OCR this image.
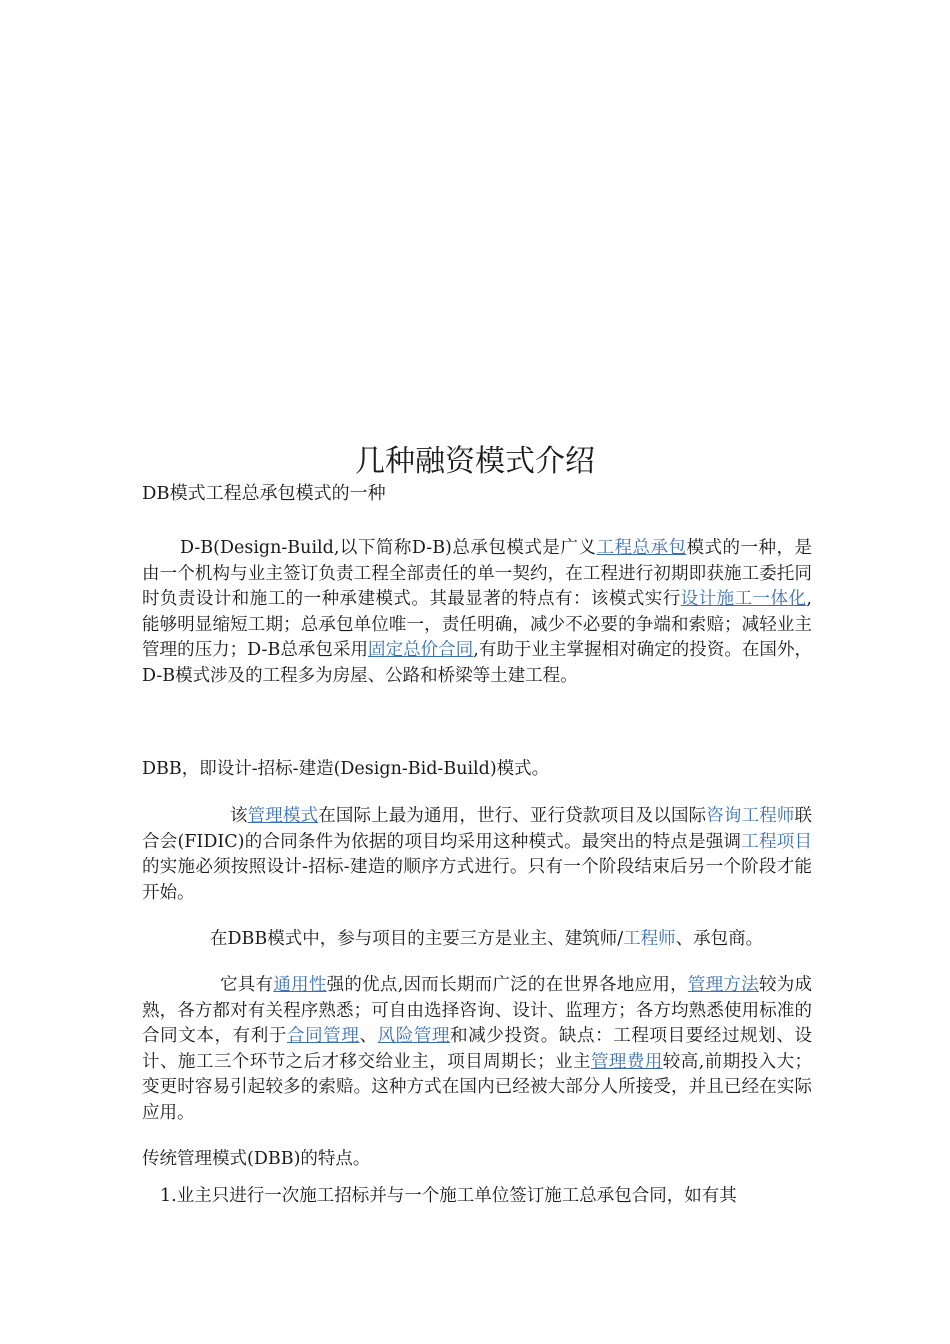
几种融资模式介绍
DB模式工程总承包模式的一种
D-B(Design-Build,以下简称D-B)总承包模式是广义工程总承包模式的一种，是由一个机构与业主签订负责工程全部责任的单一契约，在工程进行初期即获施工委托同时负责设计和施工的一种承建模式。其最显著的特点有：该模式实行设计施工一体化,能够明显缩短工期；总承包单位唯一，责任明确，减少不必要的争端和索赔；减轻业主管理的压力；D-B总承包采用固定总价合同,有助于业主掌握相对确定的投资。在国外，D-B模式涉及的工程多为房屋、公路和桥梁等土建工程。
DBB，即设计-招标-建造(Design-Bid-Build)模式。
该管理模式在国际上最为通用，世行、亚行贷款项目及以国际咨询工程师联合会(FIDIC)的合同条件为依据的项目均采用这种模式。最突出的特点是强调工程项目的实施必须按照设计-招标-建造的顺序方式进行。只有一个阶段结束后另一个阶段才能开始。
在DBB模式中，参与项目的主要三方是业主、建筑师/工程师、承包商。
它具有通用性强的优点,因而长期而广泛的在世界各地应用，管理方法较为成熟，各方都对有关程序熟悉；可自由选择咨询、设计、监理方；各方均熟悉使用标准的合同文本，有利于合同管理、风险管理和减少投资。缺点：工程项目要经过规划、设计、施工三个环节之后才移交给业主，项目周期长；业主管理费用较高,前期投入大；变更时容易引起较多的索赔。这种方式在国内已经被大部分人所接受，并且已经在实际应用。
传统管理模式(DBB)的特点。
1.业主只进行一次施工招标并与一个施工单位签订施工总承包合同，如有其
